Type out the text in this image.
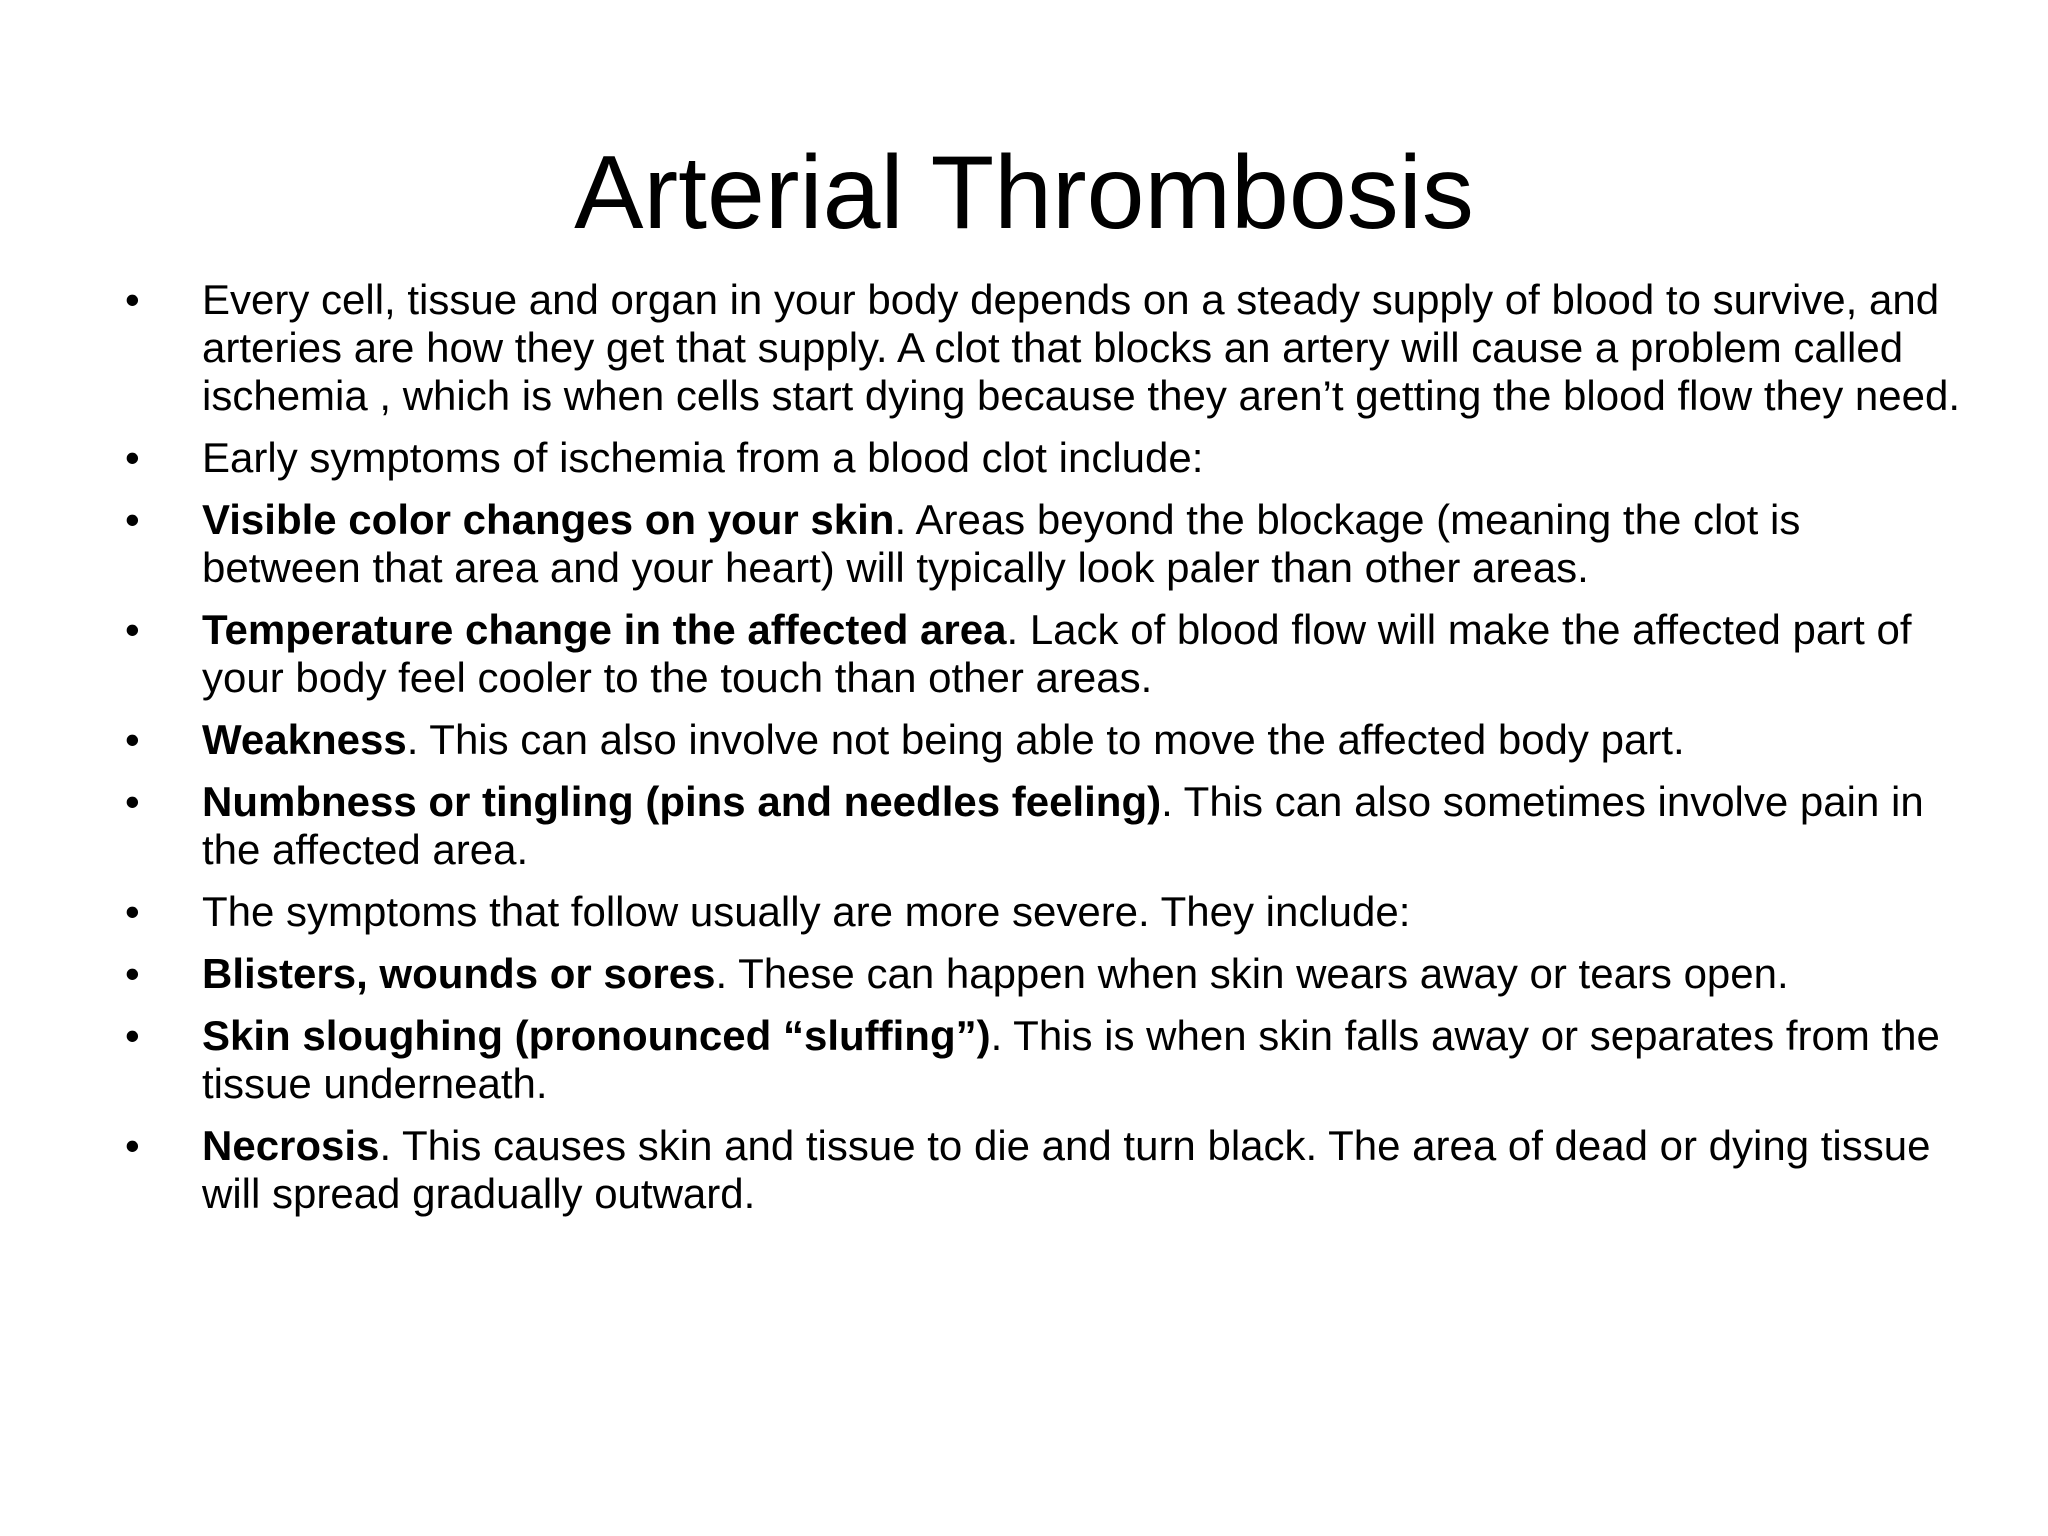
Arterial Thrombosis
•	Every cell, tissue and organ in your body depends on a steady supply of blood to survive, and arteries are how they get that supply. A clot that blocks an artery will cause a problem called ischemia , which is when cells start dying because they aren’t getting the blood flow they need.
•	Early symptoms of ischemia from a blood clot include:
•	Visible color changes on your skin. Areas beyond the blockage (meaning the clot is between that area and your heart) will typically look paler than other areas.
•	Temperature change in the affected area. Lack of blood flow will make the affected part of your body feel cooler to the touch than other areas.
•	Weakness. This can also involve not being able to move the affected body part.
•	Numbness or tingling (pins and needles feeling). This can also sometimes involve pain in the affected area.
•	The symptoms that follow usually are more severe. They include:
•	Blisters, wounds or sores. These can happen when skin wears away or tears open.
•	Skin sloughing (pronounced “sluffing”). This is when skin falls away or separates from the tissue underneath.
•	Necrosis. This causes skin and tissue to die and turn black. The area of dead or dying tissue will spread gradually outward.
